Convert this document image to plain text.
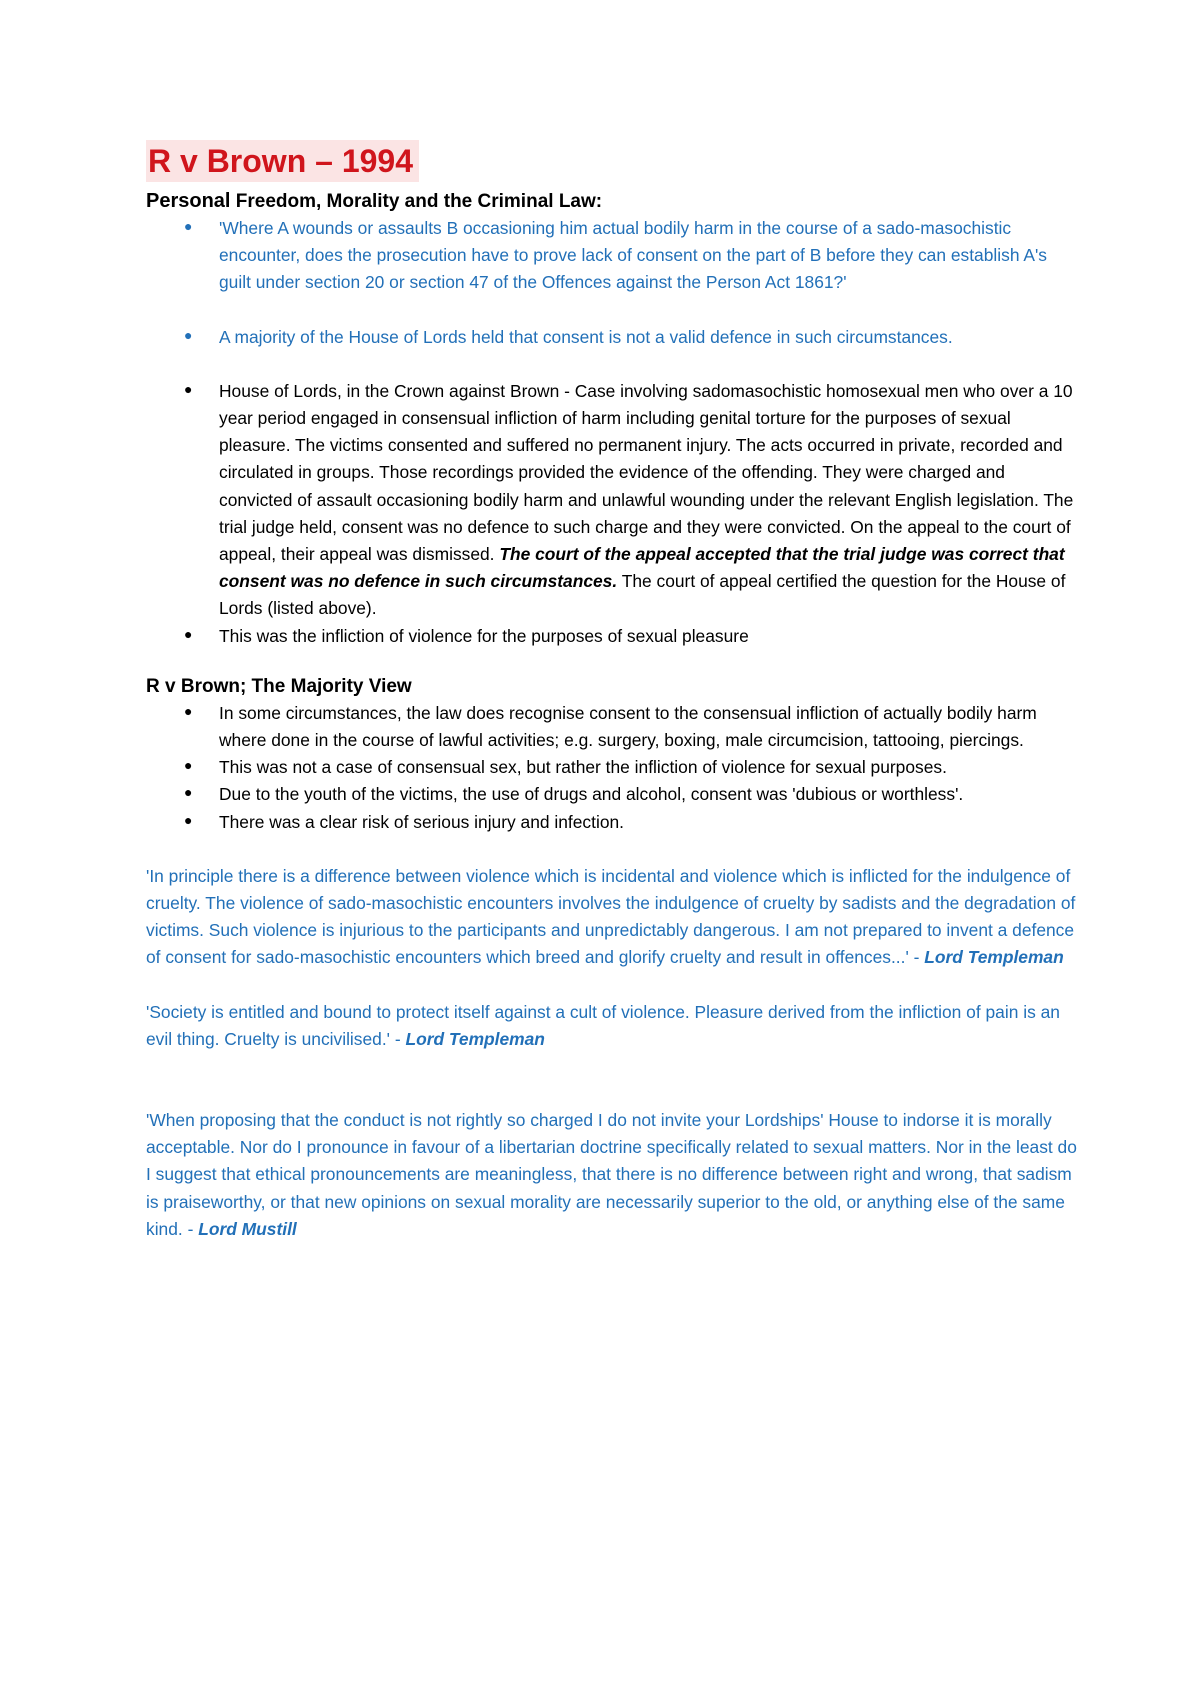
R v Brown – 1994
Personal Freedom, Morality and the Criminal Law:
● 'Where A wounds or assaults B occasioning him actual bodily harm in the course of a sado-masochistic encounter, does the prosecution have to prove lack of consent on the part of B before they can establish A's guilt under section 20 or section 47 of the Offences against the Person Act 1861?'
● A majority of the House of Lords held that consent is not a valid defence in such circumstances.
● House of Lords, in the Crown against Brown - Case involving sadomasochistic homosexual men who over a 10 year period engaged in consensual infliction of harm including genital torture for the purposes of sexual pleasure. The victims consented and suffered no permanent injury. The acts occurred in private, recorded and circulated in groups. Those recordings provided the evidence of the offending. They were charged and convicted of assault occasioning bodily harm and unlawful wounding under the relevant English legislation. The trial judge held, consent was no defence to such charge and they were convicted. On the appeal to the court of appeal, their appeal was dismissed. The court of the appeal accepted that the trial judge was correct that consent was no defence in such circumstances. The court of appeal certified the question for the House of Lords (listed above).
● This was the infliction of violence for the purposes of sexual pleasure
R v Brown; The Majority View
● In some circumstances, the law does recognise consent to the consensual infliction of actually bodily harm where done in the course of lawful activities; e.g. surgery, boxing, male circumcision, tattooing, piercings.
● This was not a case of consensual sex, but rather the infliction of violence for sexual purposes.
● Due to the youth of the victims, the use of drugs and alcohol, consent was 'dubious or worthless'.
● There was a clear risk of serious injury and infection.

'In principle there is a difference between violence which is incidental and violence which is inflicted for the indulgence of cruelty. The violence of sado-masochistic encounters involves the indulgence of cruelty by sadists and the degradation of victims. Such violence is injurious to the participants and unpredictably dangerous. I am not prepared to invent a defence of consent for sado-masochistic encounters which breed and glorify cruelty and result in offences...' - Lord Templeman

'Society is entitled and bound to protect itself against a cult of violence. Pleasure derived from the infliction of pain is an evil thing. Cruelty is uncivilised.' - Lord Templeman

'When proposing that the conduct is not rightly so charged I do not invite your Lordships' House to indorse it is morally acceptable. Nor do I pronounce in favour of a libertarian doctrine specifically related to sexual matters. Nor in the least do I suggest that ethical pronouncements are meaningless, that there is no difference between right and wrong, that sadism is praiseworthy, or that new opinions on sexual morality are necessarily superior to the old, or anything else of the same kind. - Lord Mustill
